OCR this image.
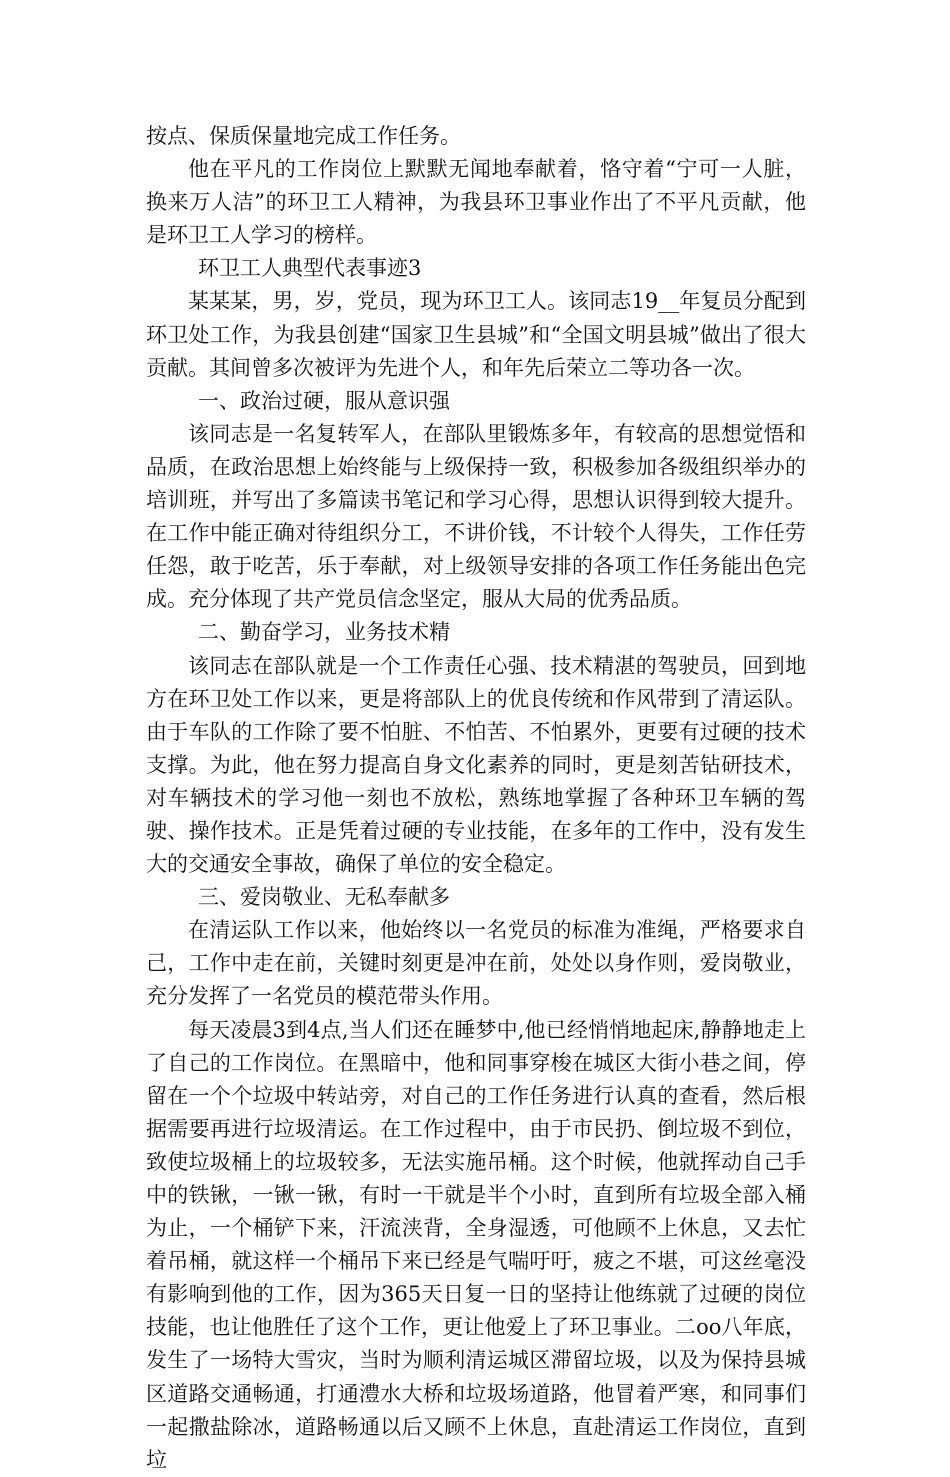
按点、保质保量地完成工作任务。

他在平凡的工作岗位上默默无闻地奉献着，恪守着“宁可一人脏，换来万人洁”的环卫工人精神，为我县环卫事业作出了不平凡贡献，他是环卫工人学习的榜样。

环卫工人典型代表事迹3

某某某，男，岁，党员，现为环卫工人。该同志19__年复员分配到环卫处工作，为我县创建“国家卫生县城”和“全国文明县城”做出了很大贡献。其间曾多次被评为先进个人，和年先后荣立二等功各一次。

一、政治过硬，服从意识强

该同志是一名复转军人，在部队里锻炼多年，有较高的思想觉悟和品质，在政治思想上始终能与上级保持一致，积极参加各级组织举办的培训班，并写出了多篇读书笔记和学习心得，思想认识得到较大提升。在工作中能正确对待组织分工，不讲价钱，不计较个人得失，工作任劳任怨，敢于吃苦，乐于奉献，对上级领导安排的各项工作任务能出色完成。充分体现了共产党员信念坚定，服从大局的优秀品质。

二、勤奋学习，业务技术精

该同志在部队就是一个工作责任心强、技术精湛的驾驶员，回到地方在环卫处工作以来，更是将部队上的优良传统和作风带到了清运队。由于车队的工作除了要不怕脏、不怕苦、不怕累外，更要有过硬的技术支撑。为此，他在努力提高自身文化素养的同时，更是刻苦钻研技术，对车辆技术的学习他一刻也不放松，熟练地掌握了各种环卫车辆的驾驶、操作技术。正是凭着过硬的专业技能，在多年的工作中，没有发生大的交通安全事故，确保了单位的安全稳定。

三、爱岗敬业、无私奉献多

在清运队工作以来，他始终以一名党员的标准为准绳，严格要求自己，工作中走在前，关键时刻更是冲在前，处处以身作则，爱岗敬业，充分发挥了一名党员的模范带头作用。

每天凌晨3到4点,当人们还在睡梦中,他已经悄悄地起床,静静地走上了自己的工作岗位。在黑暗中，他和同事穿梭在城区大街小巷之间，停留在一个个垃圾中转站旁，对自己的工作任务进行认真的查看，然后根据需要再进行垃圾清运。在工作过程中，由于市民扔、倒垃圾不到位，致使垃圾桶上的垃圾较多，无法实施吊桶。这个时候，他就挥动自己手中的铁锹，一锹一锹，有时一干就是半个小时，直到所有垃圾全部入桶为止，一个桶铲下来，汗流浃背，全身湿透，可他顾不上休息，又去忙着吊桶，就这样一个桶吊下来已经是气喘吁吁，疲之不堪，可这丝毫没有影响到他的工作，因为365天日复一日的坚持让他练就了过硬的岗位技能，也让他胜任了这个工作，更让他爱上了环卫事业。二oo八年底，发生了一场特大雪灾，当时为顺利清运城区滞留垃圾，以及为保持县城区道路交通畅通，打通澧水大桥和垃圾场道路，他冒着严寒，和同事们一起撒盐除冰，道路畅通以后又顾不上休息，直赴清运工作岗位，直到垃
